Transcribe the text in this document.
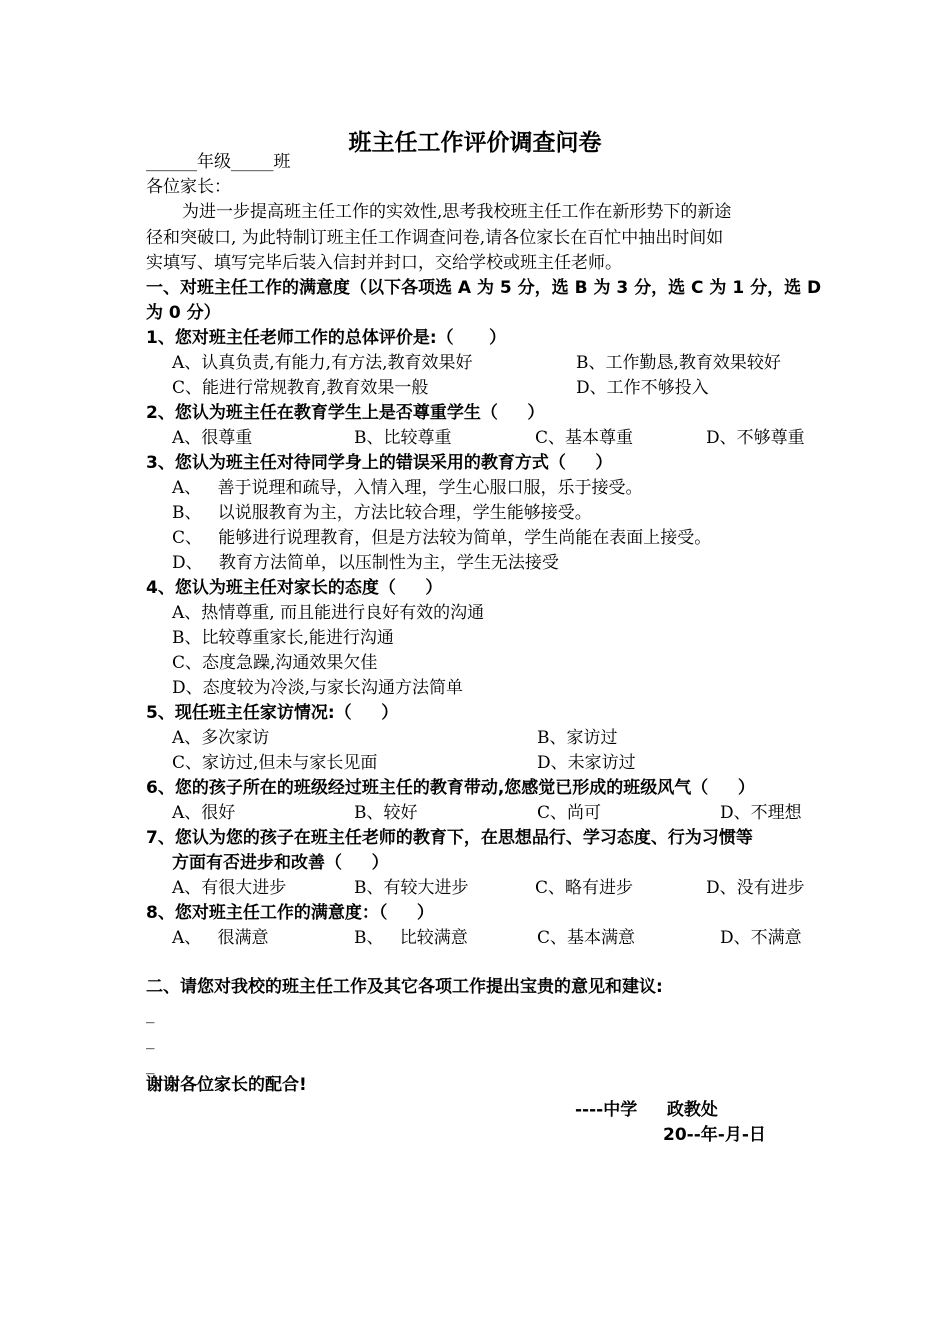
班主任工作评价调查问卷
______年级_____班
各位家长：
为进一步提高班主任工作的实效性,思考我校班主任工作在新形势下的新途
径和突破口, 为此特制订班主任工作调查问卷,请各位家长在百忙中抽出时间如
实填写、填写完毕后装入信封并封口，交给学校或班主任老师。
一、对班主任工作的满意度（以下各项选 A 为 5 分，选 B 为 3 分，选 C 为 1 分，选 D
为 0 分）
1、您对班主任老师工作的总体评价是:（      ）
A、认真负责,有能力,有方法,教育效果好	B、工作勤恳,教育效果较好
C、能进行常规教育,教育效果一般	D、工作不够投入
2、您认为班主任在教育学生上是否尊重学生（     ）
A、很尊重	B、比较尊重	C、基本尊重	D、不够尊重
3、您认为班主任对待同学身上的错误采用的教育方式（     ）
A、   善于说理和疏导，入情入理，学生心服口服，乐于接受。
B、   以说服教育为主，方法比较合理，学生能够接受。
C、   能够进行说理教育，但是方法较为简单，学生尚能在表面上接受。
D、   教育方法简单，以压制性为主，学生无法接受
4、您认为班主任对家长的态度（     ）
A、热情尊重, 而且能进行良好有效的沟通
B、比较尊重家长,能进行沟通
C、态度急躁,沟通效果欠佳
D、态度较为冷淡,与家长沟通方法简单
5、现任班主任家访情况:（     ）
A、多次家访	B、家访过
C、家访过,但未与家长见面	D、未家访过
6、您的孩子所在的班级经过班主任的教育带动,您感觉已形成的班级风气（     ）
A、很好	B、较好	C、尚可	D、不理想
7、您认为您的孩子在班主任老师的教育下，在思想品行、学习态度、行为习惯等
方面有否进步和改善（     ）
A、有很大进步	B、有较大进步	C、略有进步	D、没有进步
8、您对班主任工作的满意度：（     ）
A、   很满意	B、   比较满意	C、基本满意	D、不满意
二、请您对我校的班主任工作及其它各项工作提出宝贵的意见和建议:
_
_
_
谢谢各位家长的配合!
----中学     政教处
20--年-月-日
